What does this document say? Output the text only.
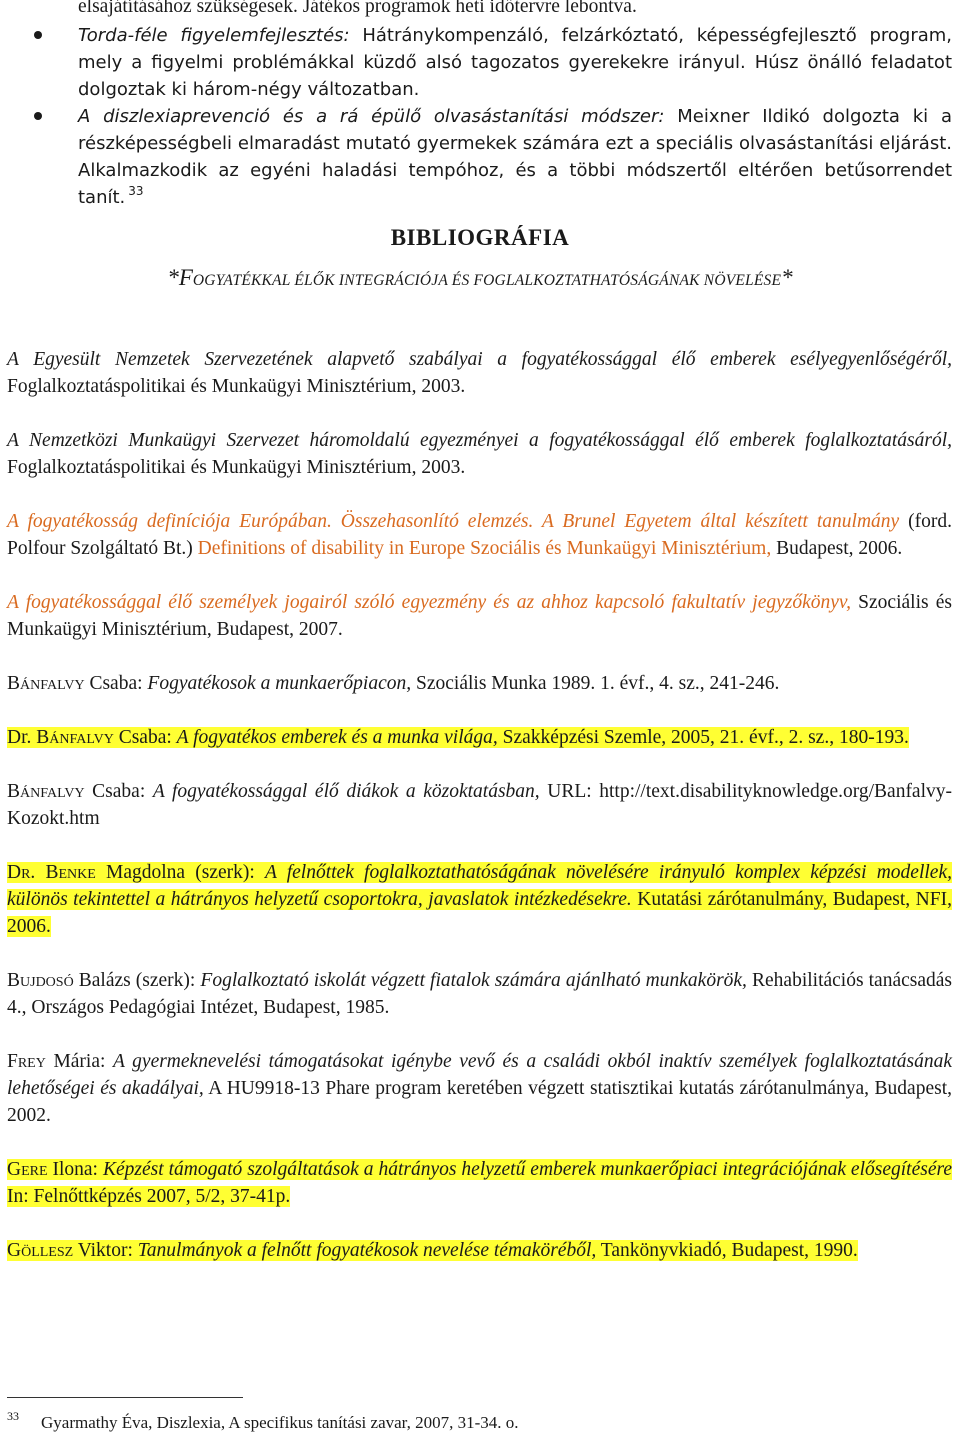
elsajátításához szükségesek. Játékos programok heti időtervre lebontva.
Torda-féle figyelemfejlesztés: Hátránykompenzáló, felzárkóztató, képességfejlesztő program, mely a figyelmi problémákkal küzdő alsó tagozatos gyerekekre irányul. Húsz önálló feladatot dolgoztak ki három-négy változatban.
A diszlexiaprevenció és a rá épülő olvasástanítási módszer: Meixner Ildikó dolgozta ki a részképességbeli elmaradást mutató gyermekek számára ezt a speciális olvasástanítási eljárást. Alkalmazkodik az egyéni haladási tempóhoz, és a többi módszertől eltérően betűsorrendet tanít. $^{33}$
BIBLIOGRÁFIA
*FOGYATÉKKAL ÉLŐK INTEGRÁCIÓJA ÉS FOGLALKOZTATHATÓSÁGÁNAK NÖVELÉSE*

A Egyesült Nemzetek Szervezetének alapvető szabályai a fogyatékossággal élő emberek esélyegyenlőségéről, Foglalkoztatáspolitikai és Munkaügyi Minisztérium, 2003.

A Nemzetközi Munkaügyi Szervezet háromoldalú egyezményei a fogyatékossággal élő emberek foglalkoztatásáról, Foglalkoztatáspolitikai és Munkaügyi Minisztérium, 2003.

A fogyatékosság definíciója Európában. Összehasonlító elemzés. A Brunel Egyetem által készített tanulmány (ford. Polfour Szolgáltató Bt.) Definitions of disability in Europe Szociális és Munkaügyi Minisztérium, Budapest, 2006.

A fogyatékossággal élő személyek jogairól szóló egyezmény és az ahhoz kapcsoló fakultatív jegyzőkönyv, Szociális és Munkaügyi Minisztérium, Budapest, 2007.

Bánfalvy Csaba: Fogyatékosok a munkaerőpiacon, Szociális Munka 1989. 1. évf., 4. sz., 241-246.

Dr. Bánfalvy Csaba: A fogyatékos emberek és a munka világa, Szakképzési Szemle, 2005, 21. évf., 2. sz., 180-193.

Bánfalvy Csaba: A fogyatékossággal élő diákok a közoktatásban, URL: http://text.disabilityknowledge.org/Banfalvy-Kozokt.htm

Dr. Benke Magdolna (szerk): A felnőttek foglalkoztathatóságának növelésére irányuló komplex képzési modellek, különös tekintettel a hátrányos helyzetű csoportokra, javaslatok intézkedésekre. Kutatási zárótanulmány, Budapest, NFI, 2006.

Bujdosó Balázs (szerk): Foglalkoztató iskolát végzett fiatalok számára ajánlható munkakörök, Rehabilitációs tanácsadás 4., Országos Pedagógiai Intézet, Budapest, 1985.

Frey Mária: A gyermeknevelési támogatásokat igénybe vevő és a családi okból inaktív személyek foglalkoztatásának lehetőségei és akadályai, A HU9918-13 Phare program keretében végzett statisztikai kutatás zárótanulmánya, Budapest, 2002.

Gere Ilona: Képzést támogató szolgáltatások a hátrányos helyzetű emberek munkaerőpiaci integrációjának elősegítésére In: Felnőttképzés 2007, 5/2, 37-41p.

Göllesz Viktor: Tanulmányok a felnőtt fogyatékosok nevelése témaköréből, Tankönyvkiadó, Budapest, 1990.

$^{33}$ Gyarmathy Éva, Diszlexia, A specifikus tanítási zavar, 2007, 31-34. o.
